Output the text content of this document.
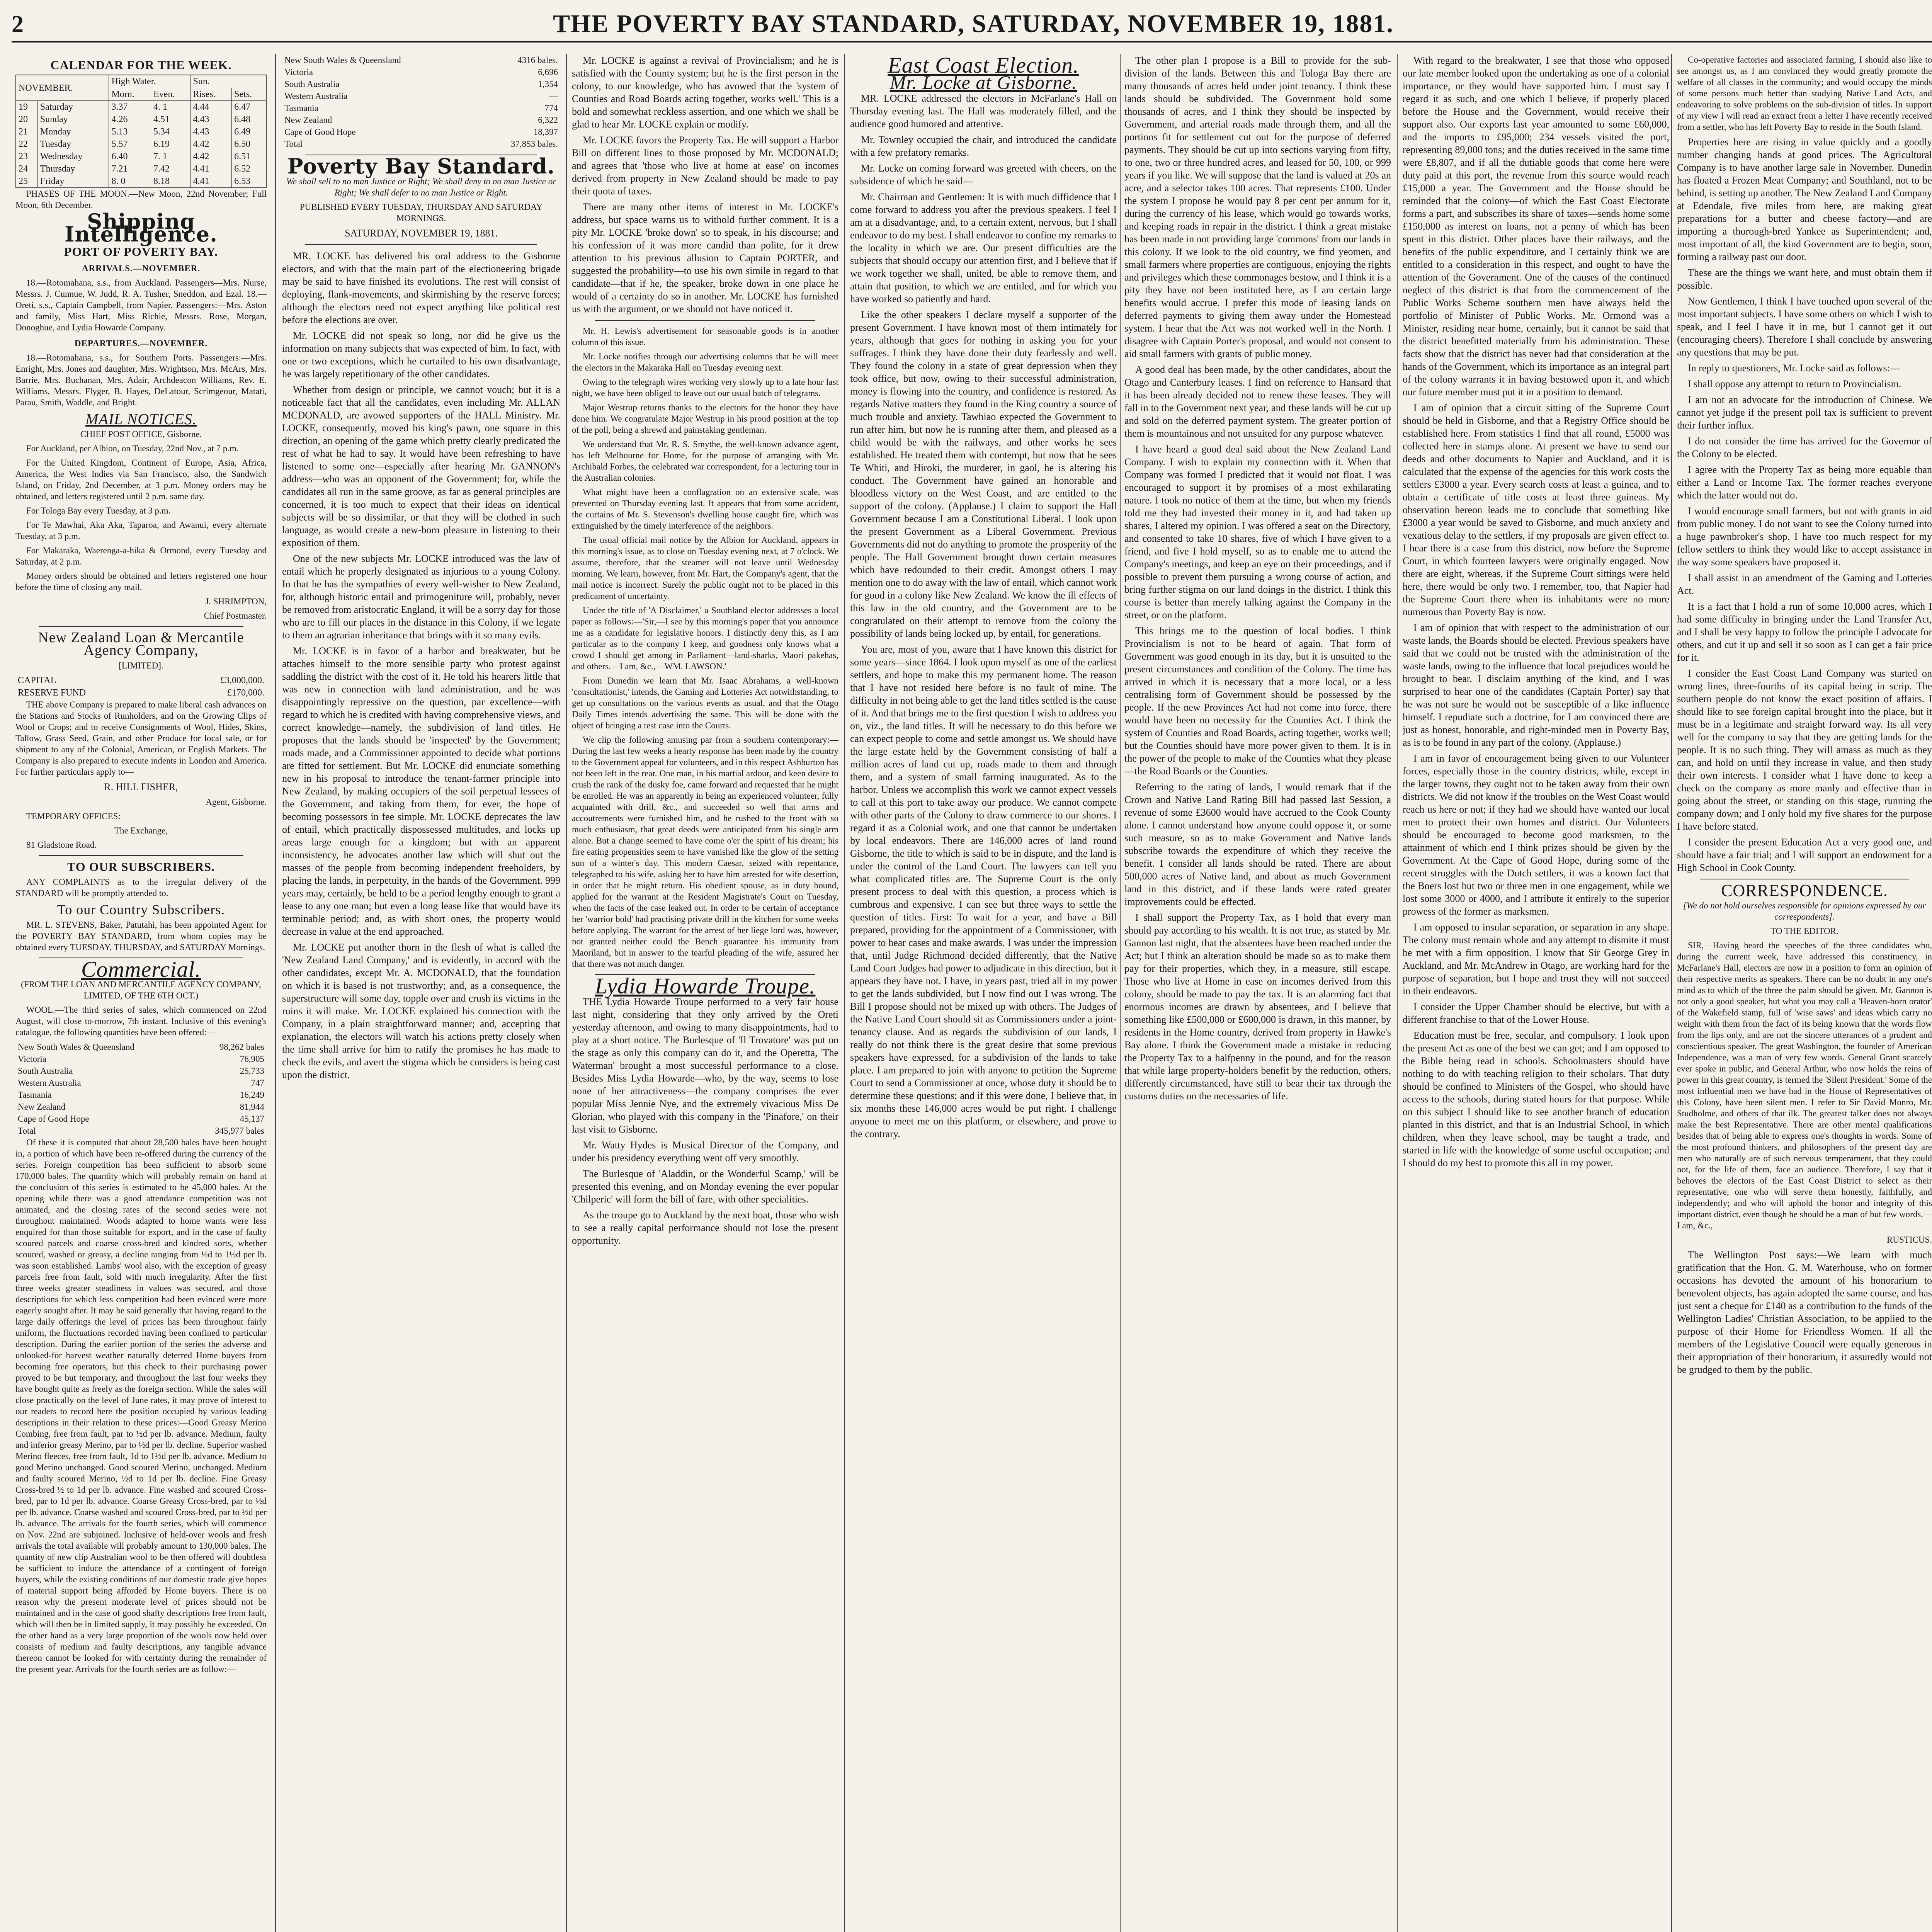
2	THE POVERTY BAY STANDARD, SATURDAY, NOVEMBER 19, 1881.
CALENDAR FOR THE WEEK.
NOVEMBER.		High Water.		Sun.	
		Morn.	Even.	Rises.	Sets.
19	Saturday	3.37	4. 1	4.44	6.47
20	Sunday	4.26	4.51	4.43	6.48
21	Monday	5.13	5.34	4.43	6.49
22	Tuesday	5.57	6.19	4.42	6.50
23	Wednesday	6.40	7. 1	4.42	6.51
24	Thursday	7.21	7.42	4.41	6.52
25	Friday	8. 0	8.18	4.41	6.53

PHASES OF THE MOON.—New Moon, 22nd November; Full Moon, 6th December.

Shipping Intelligence.
PORT OF POVERTY BAY.
ARRIVALS.—NOVEMBER.

18.—Rotomahana, s.s., from Auckland. Passengers—Mrs. Nurse, Messrs. J. Cunnue, W. Judd, R. A. Tusher, Sneddon, and Ezal. 18.—Oreti, s.s., Captain Campbell, from Napier. Passengers:—Mrs. Aston and family, Miss Hart, Miss Richie, Messrs. Rose, Morgan, Donoghue, and Lydia Howarde Company.

DEPARTURES.—NOVEMBER.

18.—Rotomahana, s.s., for Southern Ports. Passengers:—Mrs. Enright, Mrs. Jones and daughter, Mrs. Wrightson, Mrs. McArs, Mrs. Barrie, Mrs. Buchanan, Mrs. Adair, Archdeacon Williams, Rev. E. Williams, Messrs. Flyger, B. Hayes, DeLatour, Scrimgeour, Matati, Parau, Smith, Waddle, and Bright.

MAIL NOTICES.

CHIEF POST OFFICE, Gisborne.

For Auckland, per Albion, on Tuesday, 22nd Nov., at 7 p.m.

For the United Kingdom, Continent of Europe, Asia, Africa, America, the West Indies via San Francisco, also, the Sandwich Island, on Friday, 2nd December, at 3 p.m. Money orders may be obtained, and letters registered until 2 p.m. same day.

For Tologa Bay every Tuesday, at 3 p.m.

For Te Mawhai, Aka Aka, Taparoa, and Awanui, every alternate Tuesday, at 3 p.m.

For Makaraka, Waerenga-a-hika & Ormond, every Tuesday and Saturday, at 2 p.m.

Money orders should be obtained and letters registered one hour before the time of closing any mail.

J. SHRIMPTON,

Chief Postmaster.

New Zealand Loan & Mercantile Agency Company,

[LIMITED].

CAPITAL	£3,000,000.
RESERVE FUND	£170,000.

THE above Company is prepared to make liberal cash advances on the Stations and Stocks of Runholders, and on the Growing Clips of Wool or Crops; and to receive Consignments of Wool, Hides, Skins, Tallow, Grass Seed, Grain, and other Produce for local sale, or for shipment to any of the Colonial, American, or English Markets. The Company is also prepared to execute indents in London and America. For further particulars apply to—

R. HILL FISHER,

Agent, Gisborne.

TEMPORARY OFFICES:

The Exchange,

81 Gladstone Road.

TO OUR SUBSCRIBERS.

ANY COMPLAINTS as to the irregular delivery of the STANDARD will be promptly attended to.

To our Country Subscribers.

MR. L. STEVENS, Baker, Patutahi, has been appointed Agent for the POVERTY BAY STANDARD, from whom copies may be obtained every TUESDAY, THURSDAY, and SATURDAY Mornings.

Commercial.

(FROM THE LOAN AND MERCANTILE AGENCY COMPANY, LIMITED, OF THE 6TH OCT.)

WOOL.—The third series of sales, which commenced on 22nd August, will close to-morrow, 7th instant. Inclusive of this evening's catalogue, the following quantities have been offered:—

New South Wales & Queensland	98,262 bales
Victoria	76,905
South Australia	25,733
Western Australia	747
Tasmania	16,249
New Zealand	81,944
Cape of Good Hope	45,137
Total	345,977 bales

Of these it is computed that about 28,500 bales have been bought in, a portion of which have been re-offered during the currency of the series. Foreign competition has been sufficient to absorb some 170,000 bales. The quantity which will probably remain on hand at the conclusion of this series is estimated to be 45,000 bales. At the opening while there was a good attendance competition was not animated, and the closing rates of the second series were not throughout maintained. Woods adapted to home wants were less enquired for than those suitable for export, and in the case of faulty scoured parcels and coarse cross-bred and kindred sorts, whether scoured, washed or greasy, a decline ranging from ½d to 1½d per lb. was soon established. Lambs' wool also, with the exception of greasy parcels free from fault, sold with much irregularity. After the first three weeks greater steadiness in values was secured, and those descriptions for which less competition had been evinced were more eagerly sought after. It may be said generally that having regard to the large daily offerings the level of prices has been throughout fairly uniform, the fluctuations recorded having been confined to particular description. During the earlier portion of the series the adverse and unlooked-for harvest weather naturally deterred Home buyers from becoming free operators, but this check to their purchasing power proved to be but temporary, and throughout the last four weeks they have bought quite as freely as the foreign section. While the sales will close practically on the level of June rates, it may prove of interest to our readers to record here the position occupied by various leading descriptions in their relation to these prices:—Good Greasy Merino Combing, free from fault, par to ½d per lb. advance. Medium, faulty and inferior greasy Merino, par to ½d per lb. decline. Superior washed Merino fleeces, free from fault, 1d to 1½d per lb. advance. Medium to good Merino unchanged. Good scoured Merino, unchanged. Medium and faulty scoured Merino, ½d to 1d per lb. decline. Fine Greasy Cross-bred ½ to 1d per lb. advance. Fine washed and scoured Cross-bred, par to 1d per lb. advance. Coarse Greasy Cross-bred, par to ½d per lb. advance. Coarse washed and scoured Cross-bred, par to ½d per lb. advance. The arrivals for the fourth series, which will commence on Nov. 22nd are subjoined. Inclusive of held-over wools and fresh arrivals the total available will probably amount to 130,000 bales. The quantity of new clip Australian wool to be then offered will doubtless be sufficient to induce the attendance of a contingent of foreign buyers, while the existing conditions of our domestic trade give hopes of material support being afforded by Home buyers. There is no reason why the present moderate level of prices should not be maintained and in the case of good shafty descriptions free from fault, which will then be in limited supply, it may possibly be exceeded. On the other hand as a very large proportion of the wools now held over consists of medium and faulty descriptions, any tangible advance thereon cannot be looked for with certainty during the remainder of the present year. Arrivals for the fourth series are as follow:—

New South Wales & Queensland	4316 bales.
Victoria	6,696
South Australia	1,354
Western Australia	—
Tasmania	774
New Zealand	6,322
Cape of Good Hope	18,397
Total	37,853 bales.
Poverty Bay Standard.

We shall sell to no man Justice or Right; We shall deny to no man Justice or Right; We shall defer to no man Justice or Right.

PUBLISHED EVERY TUESDAY, THURSDAY AND SATURDAY MORNINGS.

SATURDAY, NOVEMBER 19, 1881.

MR. LOCKE has delivered his oral address to the Gisborne electors, and with that the main part of the electioneering brigade may be said to have finished its evolutions. The rest will consist of deploying, flank-movements, and skirmishing by the reserve forces; although the electors need not expect anything like political rest before the elections are over.

Mr. LOCKE did not speak so long, nor did he give us the information on many subjects that was expected of him. In fact, with one or two exceptions, which he curtailed to his own disadvantage, he was largely repetitionary of the other candidates.

Whether from design or principle, we cannot vouch; but it is a noticeable fact that all the candidates, even including Mr. ALLAN MCDONALD, are avowed supporters of the HALL Ministry. Mr. LOCKE, consequently, moved his king's pawn, one square in this direction, an opening of the game which pretty clearly predicated the rest of what he had to say. It would have been refreshing to have listened to some one—especially after hearing Mr. GANNON's address—who was an opponent of the Government; for, while the candidates all run in the same groove, as far as general principles are concerned, it is too much to expect that their ideas on identical subjects will be so dissimilar, or that they will be clothed in such language, as would create a new-born pleasure in listening to their exposition of them.

One of the new subjects Mr. LOCKE introduced was the law of entail which he properly designated as injurious to a young Colony. In that he has the sympathies of every well-wisher to New Zealand, for, although historic entail and primogeniture will, probably, never be removed from aristocratic England, it will be a sorry day for those who are to fill our places in the distance in this Colony, if we legate to them an agrarian inheritance that brings with it so many evils.

Mr. LOCKE is in favor of a harbor and breakwater, but he attaches himself to the more sensible party who protest against saddling the district with the cost of it. He told his hearers little that was new in connection with land administration, and he was disappointingly repressive on the question, par excellence—with regard to which he is credited with having comprehensive views, and correct knowledge—namely, the subdivision of land titles. He proposes that the lands should be 'inspected' by the Government; roads made, and a Commissioner appointed to decide what portions are fitted for settlement. But Mr. LOCKE did enunciate something new in his proposal to introduce the tenant-farmer principle into New Zealand, by making occupiers of the soil perpetual lessees of the Government, and taking from them, for ever, the hope of becoming possessors in fee simple. Mr. LOCKE deprecates the law of entail, which practically dispossessed multitudes, and locks up areas large enough for a kingdom; but with an apparent inconsistency, he advocates another law which will shut out the masses of the people from becoming independent freeholders, by placing the lands, in perpetuity, in the hands of the Government. 999 years may, certainly, be held to be a period lengthy enough to grant a lease to any one man; but even a long lease like that would have its terminable period; and, as with short ones, the property would decrease in value at the end approached.

Mr. LOCKE put another thorn in the flesh of what is called the 'New Zealand Land Company,' and is evidently, in accord with the other candidates, except Mr. A. MCDONALD, that the foundation on which it is based is not trustworthy; and, as a consequence, the superstructure will some day, topple over and crush its victims in the ruins it will make. Mr. LOCKE explained his connection with the Company, in a plain straightforward manner; and, accepting that explanation, the electors will watch his actions pretty closely when the time shall arrive for him to ratify the promises he has made to check the evils, and avert the stigma which he considers is being cast upon the district.

Mr. LOCKE is against a revival of Provincialism; and he is satisfied with the County system; but he is the first person in the colony, to our knowledge, who has avowed that the 'system of Counties and Road Boards acting together, works well.' This is a bold and somewhat reckless assertion, and one which we shall be glad to hear Mr. LOCKE explain or modify.

Mr. LOCKE favors the Property Tax. He will support a Harbor Bill on different lines to those proposed by Mr. MCDONALD; and agrees that 'those who live at home at ease' on incomes derived from property in New Zealand should be made to pay their quota of taxes.

There are many other items of interest in Mr. LOCKE's address, but space warns us to withold further comment. It is a pity Mr. LOCKE 'broke down' so to speak, in his discourse; and his confession of it was more candid than polite, for it drew attention to his previous allusion to Captain PORTER, and suggested the probability—to use his own simile in regard to that candidate—that if he, the speaker, broke down in one place he would of a certainty do so in another. Mr. LOCKE has furnished us with the argument, or we should not have noticed it.

Mr. H. Lewis's advertisement for seasonable goods is in another column of this issue.

Mr. Locke notifies through our advertising columns that he will meet the electors in the Makaraka Hall on Tuesday evening next.

Owing to the telegraph wires working very slowly up to a late hour last night, we have been obliged to leave out our usual batch of telegrams.

Major Westrup returns thanks to the electors for the honor they have done him. We congratulate Major Westrup in his proud position at the top of the poll, being a shrewd and painstaking gentleman.

We understand that Mr. R. S. Smythe, the well-known advance agent, has left Melbourne for Home, for the purpose of arranging with Mr. Archibald Forbes, the celebrated war correspondent, for a lecturing tour in the Australian colonies.

What might have been a conflagration on an extensive scale, was prevented on Thursday evening last. It appears that from some accident, the curtains of Mr. S. Stevenson's dwelling house caught fire, which was extinguished by the timely interference of the neighbors.

The usual official mail notice by the Albion for Auckland, appears in this morning's issue, as to close on Tuesday evening next, at 7 o'clock. We assume, therefore, that the steamer will not leave until Wednesday morning. We learn, however, from Mr. Hart, the Company's agent, that the mail notice is incorrect. Surely the public ought not to be placed in this predicament of uncertainty.

Under the title of 'A Disclaimer,' a Southland elector addresses a local paper as follows:—'Sir,—I see by this morning's paper that you announce me as a candidate for legislative honors. I distinctly deny this, as I am particular as to the company I keep, and goodness only knows what a crowd I should get among in Parliament—land-sharks, Maori pakehas, and others.—I am, &c.,—WM. LAWSON.'

From Dunedin we learn that Mr. Isaac Abrahams, a well-known 'consultationist,' intends, the Gaming and Lotteries Act notwithstanding, to get up consultations on the various events as usual, and that the Otago Daily Times intends advertising the same. This will be done with the object of bringing a test case into the Courts.

We clip the following amusing par from a southern contemporary:—During the last few weeks a hearty response has been made by the country to the Government appeal for volunteers, and in this respect Ashburton has not been left in the rear. One man, in his martial ardour, and keen desire to crush the rank of the dusky foe, came forward and requested that he might be enrolled. He was an apparently in being an experienced volunteer, fully acquainted with drill, &c., and succeeded so well that arms and accoutrements were furnished him, and he rushed to the front with so much enthusiasm, that great deeds were anticipated from his single arm alone. But a change seemed to have come o'er the spirit of his dream; his fire eating propensities seem to have vanished like the glow of the setting sun of a winter's day. This modern Caesar, seized with repentance, telegraphed to his wife, asking her to have him arrested for wife desertion, in order that he might return. His obedient spouse, as in duty bound, applied for the warrant at the Resident Magistrate's Court on Tuesday, when the facts of the case leaked out. In order to be certain of acceptance her 'warrior bold' had practising private drill in the kitchen for some weeks before applying. The warrant for the arrest of her liege lord was, however, not granted neither could the Bench guarantee his immunity from Maoriland, but in answer to the tearful pleading of the wife, assured her that there was not much danger.

Lydia Howarde Troupe.

THE Lydia Howarde Troupe performed to a very fair house last night, considering that they only arrived by the Oreti yesterday afternoon, and owing to many disappointments, had to play at a short notice. The Burlesque of 'Il Trovatore' was put on the stage as only this company can do it, and the Operetta, 'The Waterman' brought a most successful performance to a close. Besides Miss Lydia Howarde—who, by the way, seems to lose none of her attractiveness—the company comprises the ever popular Miss Jennie Nye, and the extremely vivacious Miss De Glorian, who played with this company in the 'Pinafore,' on their last visit to Gisborne.

Mr. Watty Hydes is Musical Director of the Company, and under his presidency everything went off very smoothly.

The Burlesque of 'Aladdin, or the Wonderful Scamp,' will be presented this evening, and on Monday evening the ever popular 'Chilperic' will form the bill of fare, with other specialities.

As the troupe go to Auckland by the next boat, those who wish to see a really capital performance should not lose the present opportunity.

East Coast Election.
Mr. Locke at Gisborne.

MR. LOCKE addressed the electors in McFarlane's Hall on Thursday evening last. The Hall was moderately filled, and the audience good humored and attentive.

Mr. Townley occupied the chair, and introduced the candidate with a few prefatory remarks.

Mr. Locke on coming forward was greeted with cheers, on the subsidence of which he said—

Mr. Chairman and Gentlemen: It is with much diffidence that I come forward to address you after the previous speakers. I feel I am at a disadvantage, and, to a certain extent, nervous, but I shall endeavor to do my best. I shall endeavor to confine my remarks to the locality in which we are. Our present difficulties are the subjects that should occupy our attention first, and I believe that if we work together we shall, united, be able to remove them, and attain that position, to which we are entitled, and for which you have worked so patiently and hard.

Like the other speakers I declare myself a supporter of the present Government. I have known most of them intimately for years, although that goes for nothing in asking you for your suffrages. I think they have done their duty fearlessly and well. They found the colony in a state of great depression when they took office, but now, owing to their successful administration, money is flowing into the country, and confidence is restored. As regards Native matters they found in the King country a source of much trouble and anxiety. Tawhiao expected the Government to run after him, but now he is running after them, and pleased as a child would be with the railways, and other works he sees established. He treated them with contempt, but now that he sees Te Whiti, and Hiroki, the murderer, in gaol, he is altering his conduct. The Government have gained an honorable and bloodless victory on the West Coast, and are entitled to the support of the colony. (Applause.) I claim to support the Hall Government because I am a Constitutional Liberal. I look upon the present Government as a Liberal Government. Previous Governments did not do anything to promote the prosperity of the people. The Hall Government brought down certain measures which have redounded to their credit. Amongst others I may mention one to do away with the law of entail, which cannot work for good in a colony like New Zealand. We know the ill effects of this law in the old country, and the Government are to be congratulated on their attempt to remove from the colony the possibility of lands being locked up, by entail, for generations.

You are, most of you, aware that I have known this district for some years—since 1864. I look upon myself as one of the earliest settlers, and hope to make this my permanent home. The reason that I have not resided here before is no fault of mine. The difficulty in not being able to get the land titles settled is the cause of it. And that brings me to the first question I wish to address you on, viz., the land titles. It will be necessary to do this before we can expect people to come and settle amongst us. We should have the large estate held by the Government consisting of half a million acres of land cut up, roads made to them and through them, and a system of small farming inaugurated. As to the harbor. Unless we accomplish this work we cannot expect vessels to call at this port to take away our produce. We cannot compete with other parts of the Colony to draw commerce to our shores. I regard it as a Colonial work, and one that cannot be undertaken by local endeavors. There are 146,000 acres of land round Gisborne, the title to which is said to be in dispute, and the land is under the control of the Land Court. The lawyers can tell you what complicated titles are. The Supreme Court is the only present process to deal with this question, a process which is cumbrous and expensive. I can see but three ways to settle the question of titles. First: To wait for a year, and have a Bill prepared, providing for the appointment of a Commissioner, with power to hear cases and make awards. I was under the impression that, until Judge Richmond decided differently, that the Native Land Court Judges had power to adjudicate in this direction, but it appears they have not. I have, in years past, tried all in my power to get the lands subdivided, but I now find out I was wrong. The Bill I propose should not be mixed up with others. The Judges of the Native Land Court should sit as Commissioners under a joint-tenancy clause. And as regards the subdivision of our lands, I really do not think there is the great desire that some previous speakers have expressed, for a subdivision of the lands to take place. I am prepared to join with anyone to petition the Supreme Court to send a Commissioner at once, whose duty it should be to determine these questions; and if this were done, I believe that, in six months these 146,000 acres would be put right. I challenge anyone to meet me on this platform, or elsewhere, and prove to the contrary.

The other plan I propose is a Bill to provide for the sub-division of the lands. Between this and Tologa Bay there are many thousands of acres held under joint tenancy. I think these lands should be subdivided. The Government hold some thousands of acres, and I think they should be inspected by Government, and arterial roads made through them, and all the portions fit for settlement cut out for the purpose of deferred payments. They should be cut up into sections varying from fifty, to one, two or three hundred acres, and leased for 50, 100, or 999 years if you like. We will suppose that the land is valued at 20s an acre, and a selector takes 100 acres. That represents £100. Under the system I propose he would pay 8 per cent per annum for it, during the currency of his lease, which would go towards works, and keeping roads in repair in the district. I think a great mistake has been made in not providing large 'commons' from our lands in this colony. If we look to the old country, we find yeomen, and small farmers where properties are contiguous, enjoying the rights and privileges which these commonages bestow, and I think it is a pity they have not been instituted here, as I am certain large benefits would accrue. I prefer this mode of leasing lands on deferred payments to giving them away under the Homestead system. I hear that the Act was not worked well in the North. I disagree with Captain Porter's proposal, and would not consent to aid small farmers with grants of public money.

A good deal has been made, by the other candidates, about the Otago and Canterbury leases. I find on reference to Hansard that it has been already decided not to renew these leases. They will fall in to the Government next year, and these lands will be cut up and sold on the deferred payment system. The greater portion of them is mountainous and not unsuited for any purpose whatever.

I have heard a good deal said about the New Zealand Land Company. I wish to explain my connection with it. When that Company was formed I predicted that it would not float. I was encouraged to support it by promises of a most exhilarating nature. I took no notice of them at the time, but when my friends told me they had invested their money in it, and had taken up shares, I altered my opinion. I was offered a seat on the Directory, and consented to take 10 shares, five of which I have given to a friend, and five I hold myself, so as to enable me to attend the Company's meetings, and keep an eye on their proceedings, and if possible to prevent them pursuing a wrong course of action, and bring further stigma on our land doings in the district. I think this course is better than merely talking against the Company in the street, or on the platform.

This brings me to the question of local bodies. I think Provincialism is not to be heard of again. That form of Government was good enough in its day, but it is unsuited to the present circumstances and condition of the Colony. The time has arrived in which it is necessary that a more local, or a less centralising form of Government should be possessed by the people. If the new Provinces Act had not come into force, there would have been no necessity for the Counties Act. I think the system of Counties and Road Boards, acting together, works well; but the Counties should have more power given to them. It is in the power of the people to make of the Counties what they please—the Road Boards or the Counties.

Referring to the rating of lands, I would remark that if the Crown and Native Land Rating Bill had passed last Session, a revenue of some £3600 would have accrued to the Cook County alone. I cannot understand how anyone could oppose it, or some such measure, so as to make Government and Native lands subscribe towards the expenditure of which they receive the benefit. I consider all lands should be rated. There are about 500,000 acres of Native land, and about as much Government land in this district, and if these lands were rated greater improvements could be effected.

I shall support the Property Tax, as I hold that every man should pay according to his wealth. It is not true, as stated by Mr. Gannon last night, that the absentees have been reached under the Act; but I think an alteration should be made so as to make them pay for their properties, which they, in a measure, still escape. Those who live at Home in ease on incomes derived from this colony, should be made to pay the tax. It is an alarming fact that enormous incomes are drawn by absentees, and I believe that something like £500,000 or £600,000 is drawn, in this manner, by residents in the Home country, derived from property in Hawke's Bay alone. I think the Government made a mistake in reducing the Property Tax to a halfpenny in the pound, and for the reason that while large property-holders benefit by the reduction, others, differently circumstanced, have still to bear their tax through the customs duties on the necessaries of life.

With regard to the breakwater, I see that those who opposed our late member looked upon the undertaking as one of a colonial importance, or they would have supported him. I must say I regard it as such, and one which I believe, if properly placed before the House and the Government, would receive their support also. Our exports last year amounted to some £60,000, and the imports to £95,000; 234 vessels visited the port, representing 89,000 tons; and the duties received in the same time were £8,807, and if all the dutiable goods that come here were duty paid at this port, the revenue from this source would reach £15,000 a year. The Government and the House should be reminded that the colony—of which the East Coast Electorate forms a part, and subscribes its share of taxes—sends home some £150,000 as interest on loans, not a penny of which has been spent in this district. Other places have their railways, and the benefits of the public expenditure, and I certainly think we are entitled to a consideration in this respect, and ought to have the attention of the Government. One of the causes of the continued neglect of this district is that from the commencement of the Public Works Scheme southern men have always held the portfolio of Minister of Public Works. Mr. Ormond was a Minister, residing near home, certainly, but it cannot be said that the district benefitted materially from his administration. These facts show that the district has never had that consideration at the hands of the Government, which its importance as an integral part of the colony warrants it in having bestowed upon it, and which our future member must put it in a position to demand.

I am of opinion that a circuit sitting of the Supreme Court should be held in Gisborne, and that a Registry Office should be established here. From statistics I find that all round, £5000 was collected here in stamps alone. At present we have to send our deeds and other documents to Napier and Auckland, and it is calculated that the expense of the agencies for this work costs the settlers £3000 a year. Every search costs at least a guinea, and to obtain a certificate of title costs at least three guineas. My observation hereon leads me to conclude that something like £3000 a year would be saved to Gisborne, and much anxiety and vexatious delay to the settlers, if my proposals are given effect to. I hear there is a case from this district, now before the Supreme Court, in which fourteen lawyers were originally engaged. Now there are eight, whereas, if the Supreme Court sittings were held here, there would be only two. I remember, too, that Napier had the Supreme Court there when its inhabitants were no more numerous than Poverty Bay is now.

I am of opinion that with respect to the administration of our waste lands, the Boards should be elected. Previous speakers have said that we could not be trusted with the administration of the waste lands, owing to the influence that local prejudices would be brought to bear. I disclaim anything of the kind, and I was surprised to hear one of the candidates (Captain Porter) say that he was not sure he would not be susceptible of a like influence himself. I repudiate such a doctrine, for I am convinced there are just as honest, honorable, and right-minded men in Poverty Bay, as is to be found in any part of the colony. (Applause.)

I am in favor of encouragement being given to our Volunteer forces, especially those in the country districts, while, except in the larger towns, they ought not to be taken away from their own districts. We did not know if the troubles on the West Coast would reach us here or not; if they had we should have wanted our local men to protect their own homes and district. Our Volunteers should be encouraged to become good marksmen, to the attainment of which end I think prizes should be given by the Government. At the Cape of Good Hope, during some of the recent struggles with the Dutch settlers, it was a known fact that the Boers lost but two or three men in one engagement, while we lost some 3000 or 4000, and I attribute it entirely to the superior prowess of the former as marksmen.

I am opposed to insular separation, or separation in any shape. The colony must remain whole and any attempt to dismite it must be met with a firm opposition. I know that Sir George Grey in Auckland, and Mr. McAndrew in Otago, are working hard for the purpose of separation, but I hope and trust they will not succeed in their endeavors.

I consider the Upper Chamber should be elective, but with a different franchise to that of the Lower House.

Education must be free, secular, and compulsory. I look upon the present Act as one of the best we can get; and I am opposed to the Bible being read in schools. Schoolmasters should have nothing to do with teaching religion to their scholars. That duty should be confined to Ministers of the Gospel, who should have access to the schools, during stated hours for that purpose. While on this subject I should like to see another branch of education planted in this district, and that is an Industrial School, in which children, when they leave school, may be taught a trade, and started in life with the knowledge of some useful occupation; and I should do my best to promote this all in my power.

Co-operative factories and associated farming, I should also like to see amongst us, as I am convinced they would greatly promote the welfare of all classes in the community; and would occupy the minds of some persons much better than studying Native Land Acts, and endeavoring to solve problems on the sub-division of titles. In support of my view I will read an extract from a letter I have recently received from a settler, who has left Poverty Bay to reside in the South Island.

Properties here are rising in value quickly and a goodly number changing hands at good prices. The Agricultural Company is to have another large sale in November. Dunedin has floated a Frozen Meat Company; and Southland, not to be behind, is setting up another. The New Zealand Land Company at Edendale, five miles from here, are making great preparations for a butter and cheese factory—and are importing a thorough-bred Yankee as Superintendent; and, most important of all, the kind Government are to begin, soon, forming a railway past our door.

These are the things we want here, and must obtain them if possible.

Now Gentlemen, I think I have touched upon several of the most important subjects. I have some others on which I wish to speak, and I feel I have it in me, but I cannot get it out (encouraging cheers). Therefore I shall conclude by answering any questions that may be put.

In reply to questioners, Mr. Locke said as follows:—

I shall oppose any attempt to return to Provincialism.

I am not an advocate for the introduction of Chinese. We cannot yet judge if the present poll tax is sufficient to prevent their further influx.

I do not consider the time has arrived for the Governor of the Colony to be elected.

I agree with the Property Tax as being more equable than either a Land or Income Tax. The former reaches everyone which the latter would not do.

I would encourage small farmers, but not with grants in aid from public money. I do not want to see the Colony turned into a huge pawnbroker's shop. I have too much respect for my fellow settlers to think they would like to accept assistance in the way some speakers have proposed it.

I shall assist in an amendment of the Gaming and Lotteries Act.

It is a fact that I hold a run of some 10,000 acres, which I had some difficulty in bringing under the Land Transfer Act, and I shall be very happy to follow the principle I advocate for others, and cut it up and sell it so soon as I can get a fair price for it.

I consider the East Coast Land Company was started on wrong lines, three-fourths of its capital being in scrip. The southern people do not know the exact position of affairs. I should like to see foreign capital brought into the place, but it must be in a legitimate and straight forward way. Its all very well for the company to say that they are getting lands for the people. It is no such thing. They will amass as much as they can, and hold on until they increase in value, and then study their own interests. I consider what I have done to keep a check on the company as more manly and effective than in going about the street, or standing on this stage, running the company down; and I only hold my five shares for the purpose I have before stated.

I consider the present Education Act a very good one, and should have a fair trial; and I will support an endowment for a High School in Cook County.

CORRESPONDENCE.

[We do not hold ourselves responsible for opinions expressed by our correspondents].

TO THE EDITOR.

SIR,—Having heard the speeches of the three candidates who, during the current week, have addressed this constituency, in McFarlane's Hall, electors are now in a position to form an opinion of their respective merits as speakers. There can be no doubt in any one's mind as to which of the three the palm should be given. Mr. Gannon is not only a good speaker, but what you may call a 'Heaven-born orator' of the Wakefield stamp, full of 'wise saws' and ideas which carry no weight with them from the fact of its being known that the words flow from the lips only, and are not the sincere utterances of a prudent and conscientious speaker. The great Washington, the founder of American Independence, was a man of very few words. General Grant scarcely ever spoke in public, and General Arthur, who now holds the reins of power in this great country, is termed the 'Silent President.' Some of the most influential men we have had in the House of Representatives of this Colony, have been silent men. I refer to Sir David Monro, Mr. Studholme, and others of that ilk. The greatest talker does not always make the best Representative. There are other mental qualifications besides that of being able to express one's thoughts in words. Some of the most profound thinkers, and philosophers of the present day are men who naturally are of such nervous temperament, that they could not, for the life of them, face an audience. Therefore, I say that it behoves the electors of the East Coast District to select as their representative, one who will serve them honestly, faithfully, and independently; and who will uphold the honor and integrity of this important district, even though he should be a man of but few words.—I am, &c.,

RUSTICUS.

The Wellington Post says:—We learn with much gratification that the Hon. G. M. Waterhouse, who on former occasions has devoted the amount of his honorarium to benevolent objects, has again adopted the same course, and has just sent a cheque for £140 as a contribution to the funds of the Wellington Ladies' Christian Association, to be applied to the purpose of their Home for Friendless Women. If all the members of the Legislative Council were equally generous in their appropriation of their honorarium, it assuredly would not be grudged to them by the public.
